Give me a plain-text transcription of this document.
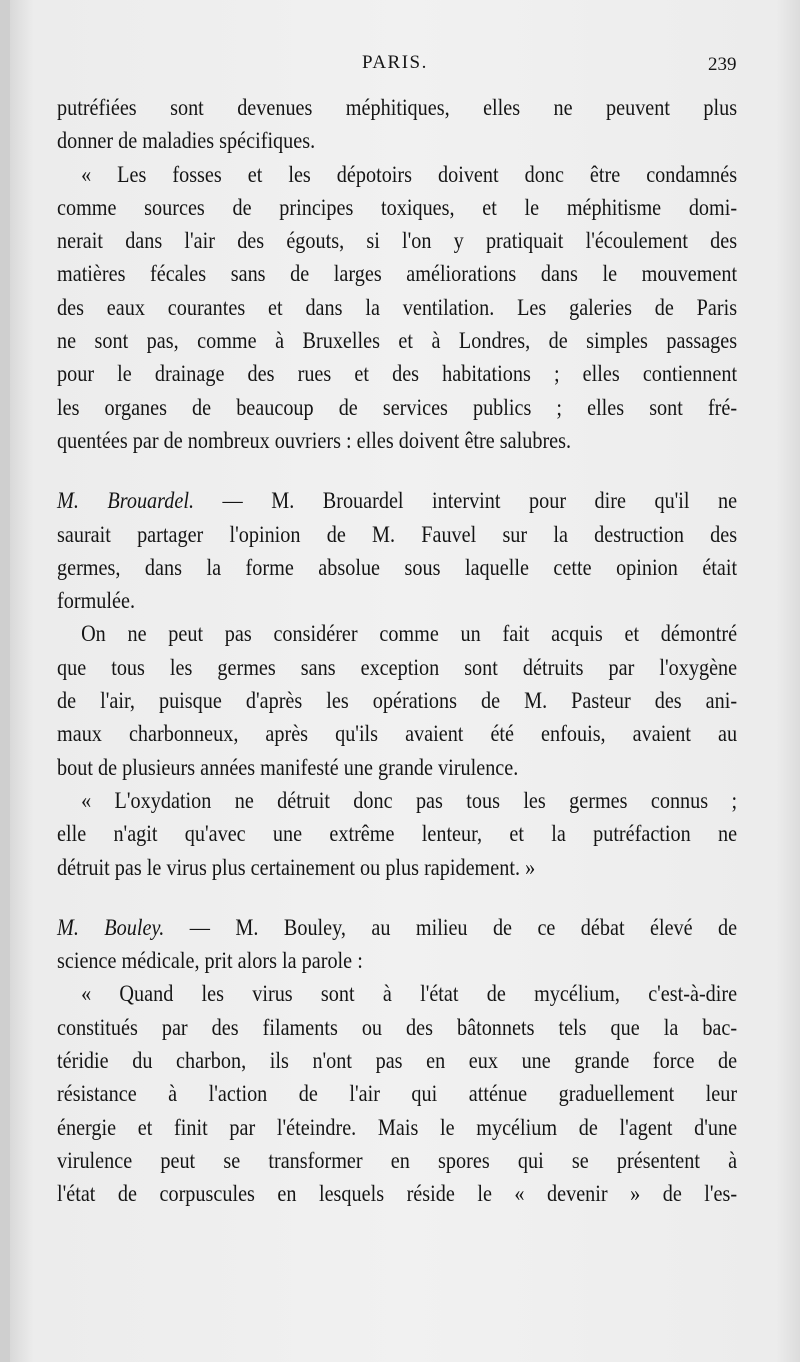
PARIS.	239
putréfiées sont devenues méphitiques, elles ne peuvent plus
donner de maladies spécifiques.
« Les fosses et les dépotoirs doivent donc être condamnés
comme sources de principes toxiques, et le méphitisme domi-
nerait dans l'air des égouts, si l'on y pratiquait l'écoulement des
matières fécales sans de larges améliorations dans le mouvement
des eaux courantes et dans la ventilation. Les galeries de Paris
ne sont pas, comme à Bruxelles et à Londres, de simples passages
pour le drainage des rues et des habitations ; elles contiennent
les organes de beaucoup de services publics ; elles sont fré-
quentées par de nombreux ouvriers : elles doivent être salubres.
M. Brouardel. — M. Brouardel intervint pour dire qu'il ne
saurait partager l'opinion de M. Fauvel sur la destruction des
germes, dans la forme absolue sous laquelle cette opinion était
formulée.
On ne peut pas considérer comme un fait acquis et démontré
que tous les germes sans exception sont détruits par l'oxygène
de l'air, puisque d'après les opérations de M. Pasteur des ani-
maux charbonneux, après qu'ils avaient été enfouis, avaient au
bout de plusieurs années manifesté une grande virulence.
« L'oxydation ne détruit donc pas tous les germes connus ;
elle n'agit qu'avec une extrême lenteur, et la putréfaction ne
détruit pas le virus plus certainement ou plus rapidement. »
M. Bouley. — M. Bouley, au milieu de ce débat élevé de
science médicale, prit alors la parole :
« Quand les virus sont à l'état de mycélium, c'est-à-dire
constitués par des filaments ou des bâtonnets tels que la bac-
téridie du charbon, ils n'ont pas en eux une grande force de
résistance à l'action de l'air qui atténue graduellement leur
énergie et finit par l'éteindre. Mais le mycélium de l'agent d'une
virulence peut se transformer en spores qui se présentent à
l'état de corpuscules en lesquels réside le « devenir » de l'es-
